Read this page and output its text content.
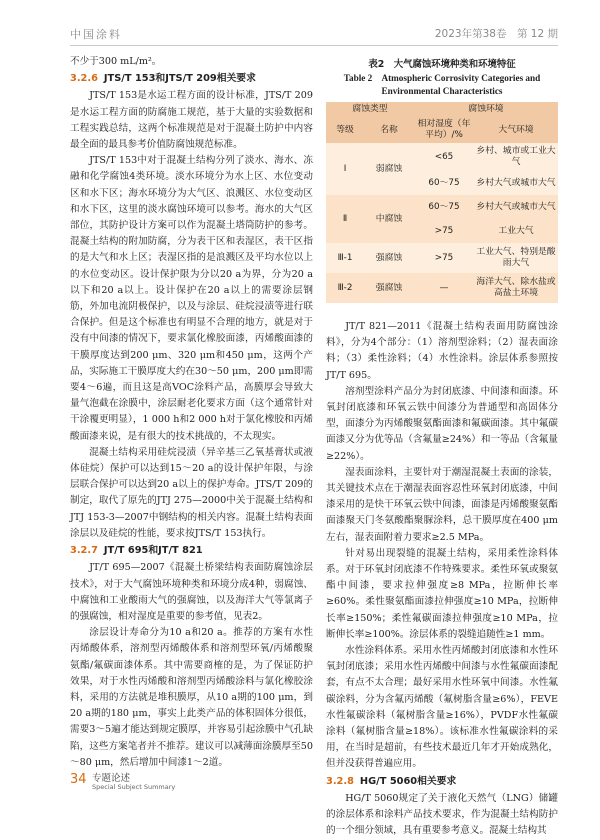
中国涂料	2023年第38卷　第 12 期

不少于300 mL/m²。

3.2.6 JTS/T 153和JTS/T 209相关要求

JTS/T 153是水运工程方面的设计标准，JTS/T 209是水运工程方面的防腐施工规范，基于大量的实验数据和工程实践总结，这两个标准规范是对于混凝土防护中内容最全面的最具参考价值防腐蚀规范标准。

JTS/T 153中对于混凝土结构分列了淡水、海水、冻融和化学腐蚀4类环境。淡水环境分为水上区、水位变动区和水下区；海水环境分为大气区、浪溅区、水位变动区和水下区，这里的淡水腐蚀环境可以参考。海水的大气区部位，其防护设计方案可以作为混凝土塔筒防护的参考。混凝土结构的附加防腐，分为表干区和表湿区，表干区指的是大气和水上区；表湿区指的是浪溅区及平均水位以上的水位变动区。设计保护限为分以20 a为界，分为20 a以下和20 a以上。设计保护在20 a以上的需要涂层钢筋，外加电流阴极保护，以及与涂层、硅烷浸渍等进行联合保护。但是这个标准也有明显不合理的地方，就是对于没有中间漆的情况下，要求氯化橡胶面漆，丙烯酸面漆的干膜厚度达到200 μm、320 μm和450 μm，这两个产品，实际施工干膜厚度大约在30～50 μm，200 μm即需要4～6遍，而且这是高VOC涂料产品，高膜厚会导致大量气泡截在涂膜中，涂层耐老化要求方面（这个通常针对干涂覆更明显），1 000 h和2 000 h对于氯化橡胶和丙烯酸面漆来说，是有很大的技术挑战的，不太现实。

混凝土结构采用硅烷浸渍（异辛基三乙氧基膏状或液体硅烷）保护可以达到15～20 a的设计保护年限，与涂层联合保护可以达到20 a以上的保护寿命。JTS/T 209的制定，取代了原先的JTJ 275—2000中关于混凝土结构和JTJ 153-3—2007中钢结构的相关内容。混凝土结构表面涂层以及硅烷的性能，要求按JTS/T 153执行。

3.2.7 JT/T 695和JT/T 821

JT/T 695—2007《混凝土桥梁结构表面防腐蚀涂层技术》，对于大气腐蚀环境种类和环境分成4种，弱腐蚀、中腐蚀和工业酸雨大气的强腐蚀，以及海洋大气等氯离子的强腐蚀，相对湿度是重要的参考值，见表2。

涂层设计寿命分为10 a和20 a。推荐的方案有水性丙烯酸体系，溶剂型丙烯酸体系和溶剂型环氧/丙烯酸聚氨酯/氟碳面漆体系。其中需要商榷的是，为了保证防护效果，对于水性丙烯酸和溶剂型丙烯酸涂料与氯化橡胶涂料，采用的方法就是堆积膜厚，从10 a期的100 μm，到20 a期的180 μm，事实上此类产品的体积固体分很低，需要3～5遍才能达到规定膜厚，并容易引起涂膜中气孔缺陷，这些方案笔者并不推荐。建议可以减薄面涂膜厚至50～80 μm，然后增加中间漆1～2道。

表2　大气腐蚀环境种类和环境特征
Table 2　Atmospheric Corrosivity Categories and
Environmental Characteristics
腐蚀类型		腐蚀环境	
等级	名称	相对湿度（年平均）/%	大气环境
Ⅰ	弱腐蚀	<65	乡村、城市或工业大气
		60～75	乡村大气或城市大气
Ⅱ	中腐蚀	60～75	乡村大气或城市大气
		>75	工业大气
Ⅲ-1	强腐蚀	>75	工业大气、特别是酸雨大气
Ⅲ-2	强腐蚀	—	海洋大气、除水盐或高盐土环境

JT/T 821—2011《混凝土结构表面用防腐蚀涂料》，分为4个部分：（1）溶剂型涂料；（2）湿表面涂料；（3）柔性涂料；（4）水性涂料。涂层体系参照按JT/T 695。

溶剂型涂料产品分为封闭底漆、中间漆和面漆。环氧封闭底漆和环氧云铁中间漆分为普通型和高固体分型，面漆分为丙烯酸聚氨酯面漆和氟碳面漆。其中氟碳面漆又分为优等品（含氟量≥24%）和一等品（含氟量≥22%）。

湿表面涂料，主要针对于潮湿混凝土表面的涂装，其关键技术点在于潮湿表面容忍性环氧封闭底漆，中间漆采用的是快干环氧云铁中间漆，面漆是丙烯酸聚氨酯面漆聚天门冬氨酸酯聚脲涂料，总干膜厚度在400 μm左右，湿表面附着力要求≥2.5 MPa。

针对易出现裂缝的混凝土结构，采用柔性涂料体系。对于环氧封闭底漆不作特殊要求。柔性环氧或聚氨酯中间漆，要求拉伸强度≥8 MPa，拉断伸长率≥60%。柔性聚氨酯面漆拉伸强度≥10 MPa，拉断伸长率≥150%；柔性氟碳面漆拉伸强度≥10 MPa，拉断伸长率≥100%。涂层体系的裂缝追随性≥1 mm。

水性涂料体系。采用水性丙烯酸封闭底漆和水性环氧封闭底漆；采用水性丙烯酸中间漆与水性氟碳面漆配套，有点不太合理；最好采用水性环氧中间漆。水性氟碳涂料，分为含氟丙烯酸（氟树脂含量≥6%），FEVE水性氟碳涂料（氟树脂含量≥16%），PVDF水性氟碳涂料（氟树脂含量≥18%）。该标准水性氟碳涂料的采用，在当时是超前，有些技术最近几年才开始成熟化，但并没获得普遍应用。

3.2.8 HG/T 5060相关要求

HG/T 5060规定了关于液化天然气（LNG）储罐的涂层体系和涂料产品技术要求，作为混凝土结构防护的一个细分领域，具有重要参考意义。混凝土结构其

34 专题论述
Special Subject Summary
